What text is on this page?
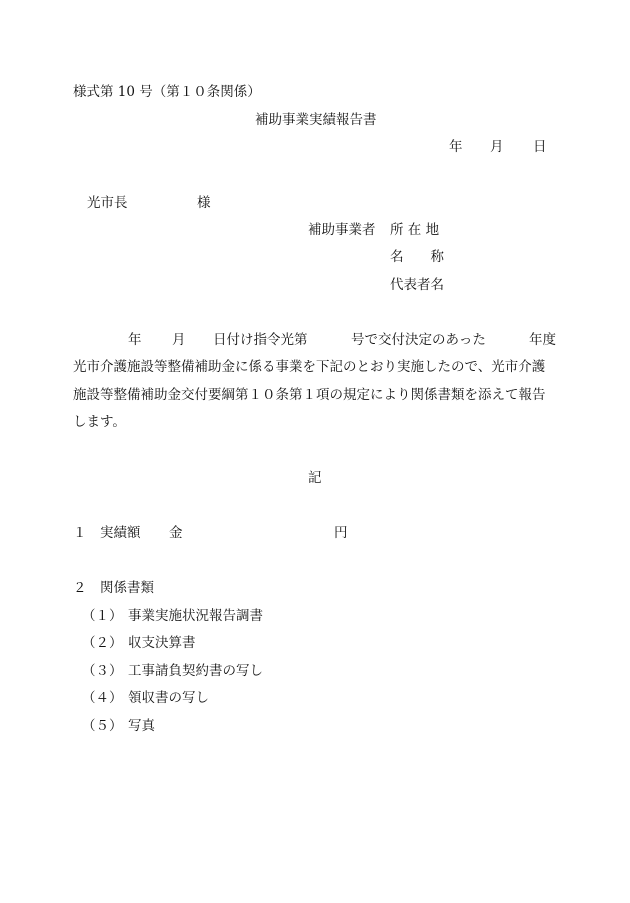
様式第 10 号（第１０条関係）
補助事業実績報告書
年 月 日
光市長	様
補助事業者 所 在 地
名　　称
代表者名
年 月 日付け指令光第	号で交付決定のあった	年度
光市介護施設等整備補助金に係る事業を下記のとおり実施したので、光市介護
施設等整備補助金交付要綱第１０条第１項の規定により関係書類を添えて報告
します。
記
１ 実績額 金	円
２ 関係書類
（１） 事業実施状況報告調書
（２） 収支決算書
（３） 工事請負契約書の写し
（４） 領収書の写し
（５） 写真
